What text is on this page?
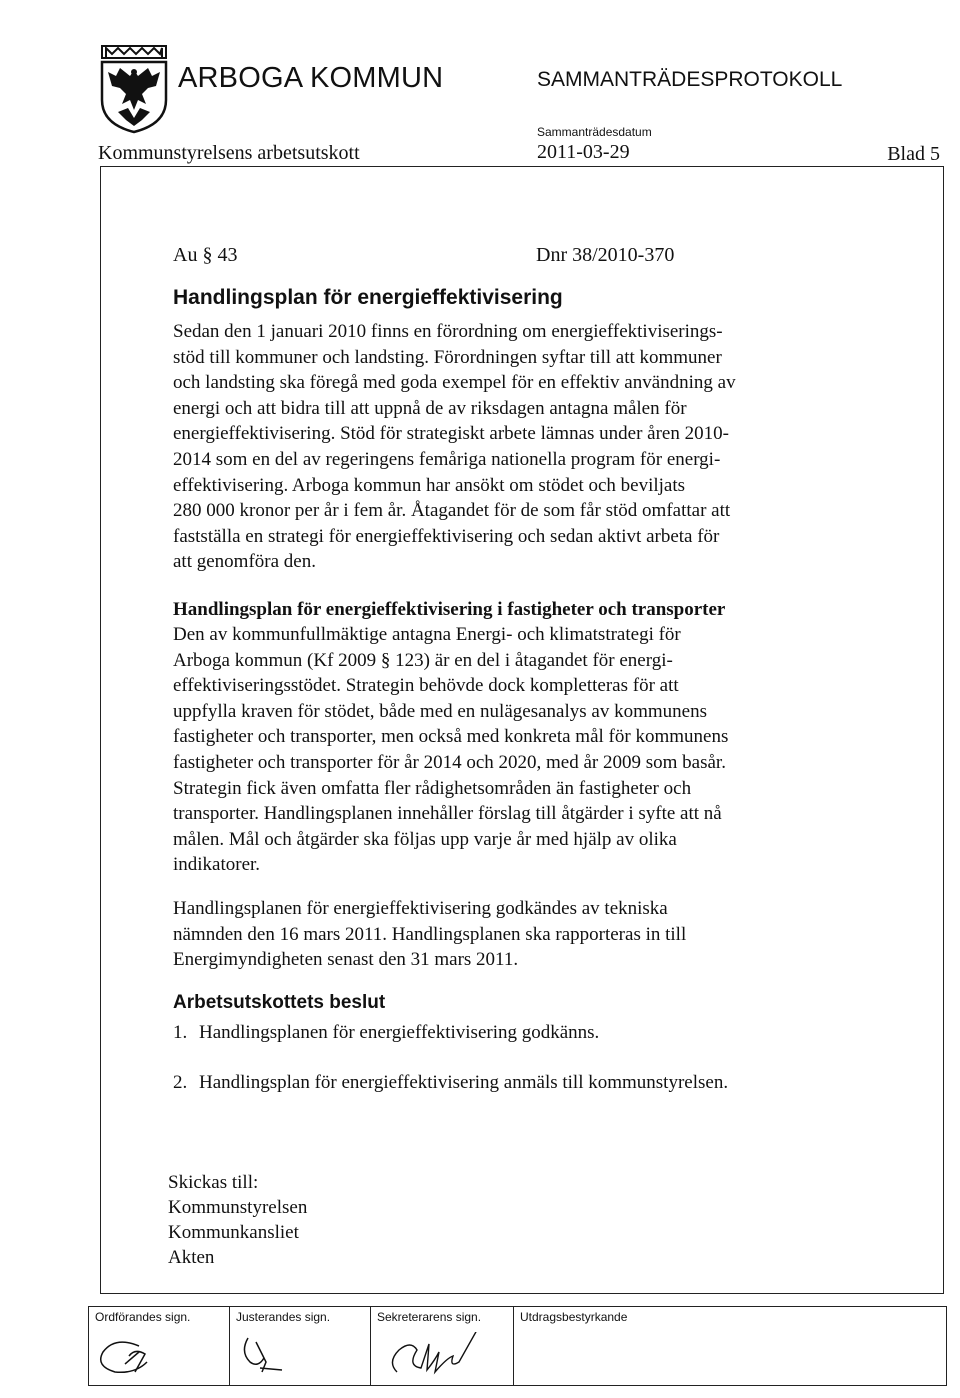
ARBOGA KOMMUN	SAMMANTRÄDESPROTOKOLL
Kommunstyrelsens arbetsutskott
Sammanträdesdatum
2011-03-29	Blad 5
Au § 43	Dnr 38/2010-370
Handlingsplan för energieffektivisering
Sedan den 1 januari 2010 finns en förordning om energieffektiviserings-
stöd till kommuner och landsting. Förordningen syftar till att kommuner
och landsting ska föregå med goda exempel för en effektiv användning av
energi och att bidra till att uppnå de av riksdagen antagna målen för
energieffektivisering. Stöd för strategiskt arbete lämnas under åren 2010-
2014 som en del av regeringens femåriga nationella program för energi-
effektivisering. Arboga kommun har ansökt om stödet och beviljats
280 000 kronor per år i fem år. Åtagandet för de som får stöd omfattar att
fastställa en strategi för energieffektivisering och sedan aktivt arbeta för
att genomföra den.
Handlingsplan för energieffektivisering i fastigheter och transporter
Den av kommunfullmäktige antagna Energi- och klimatstrategi för
Arboga kommun (Kf 2009 § 123) är en del i åtagandet för energi-
effektiviseringsstödet. Strategin behövde dock kompletteras för att
uppfylla kraven för stödet, både med en nulägesanalys av kommunens
fastigheter och transporter, men också med konkreta mål för kommunens
fastigheter och transporter för år 2014 och 2020, med år 2009 som basår.
Strategin fick även omfatta fler rådighetsområden än fastigheter och
transporter. Handlingsplanen innehåller förslag till åtgärder i syfte att nå
målen. Mål och åtgärder ska följas upp varje år med hjälp av olika
indikatorer.
Handlingsplanen för energieffektivisering godkändes av tekniska
nämnden den 16 mars 2011. Handlingsplanen ska rapporteras in till
Energimyndigheten senast den 31 mars 2011.
Arbetsutskottets beslut
1. Handlingsplanen för energieffektivisering godkänns.
2. Handlingsplan för energieffektivisering anmäls till kommunstyrelsen.
Skickas till:
Kommunstyrelsen
Kommunkansliet
Akten
Ordförandes sign.	Justerandes sign.	Sekreterarens sign.	Utdragsbestyrkande
